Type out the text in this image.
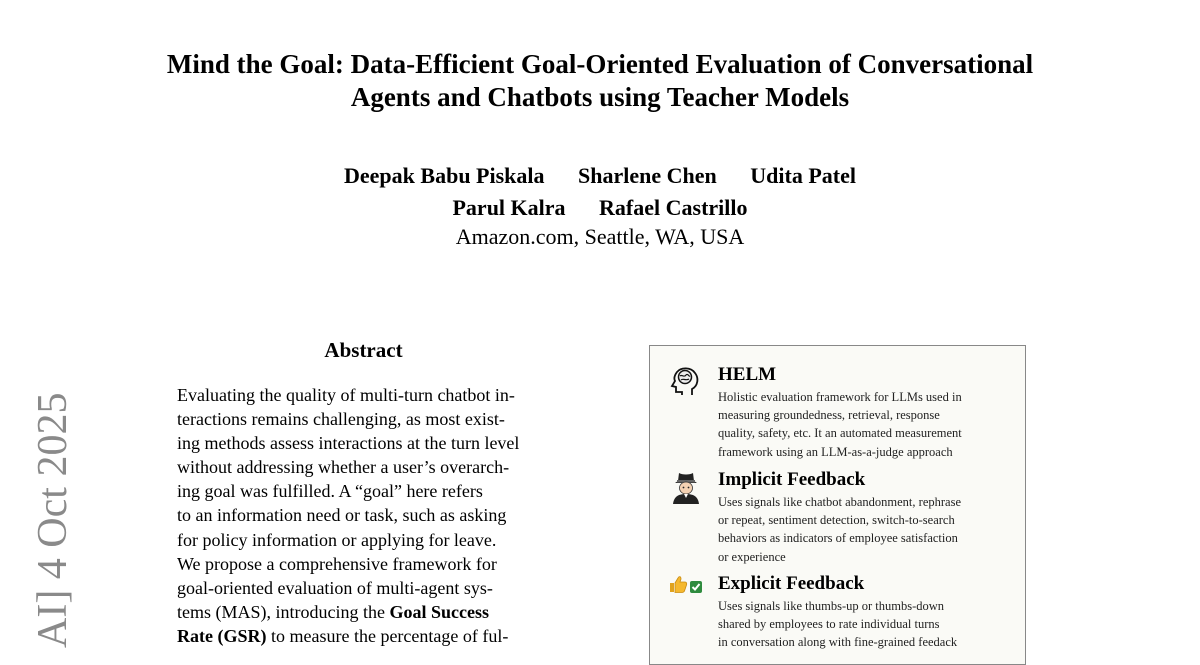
Mind the Goal: Data-Efficient Goal-Oriented Evaluation of Conversational
Agents and Chatbots using Teacher Models
Deepak Babu Piskala Sharlene Chen Udita Patel
Parul Kalra Rafael Castrillo
Amazon.com, Seattle, WA, USA
AI] 4 Oct 2025
Abstract
Evaluating the quality of multi-turn chatbot in-
teractions remains challenging, as most exist-
ing methods assess interactions at the turn level
without addressing whether a user’s overarch-
ing goal was fulfilled. A “goal” here refers
to an information need or task, such as asking
for policy information or applying for leave.
We propose a comprehensive framework for
goal-oriented evaluation of multi-agent sys-
tems (MAS), introducing the Goal Success
Rate (GSR) to measure the percentage of ful-
HELM
Holistic evaluation framework for LLMs used in
measuring groundedness, retrieval, response
quality, safety, etc. It an automated measurement
framework using an LLM-as-a-judge approach
Implicit Feedback
Uses signals like chatbot abandonment, rephrase
or repeat, sentiment detection, switch-to-search
behaviors as indicators of employee satisfaction
or experience
Explicit Feedback
Uses signals like thumbs-up or thumbs-down
shared by employees to rate individual turns
in conversation along with fine-grained feedack
